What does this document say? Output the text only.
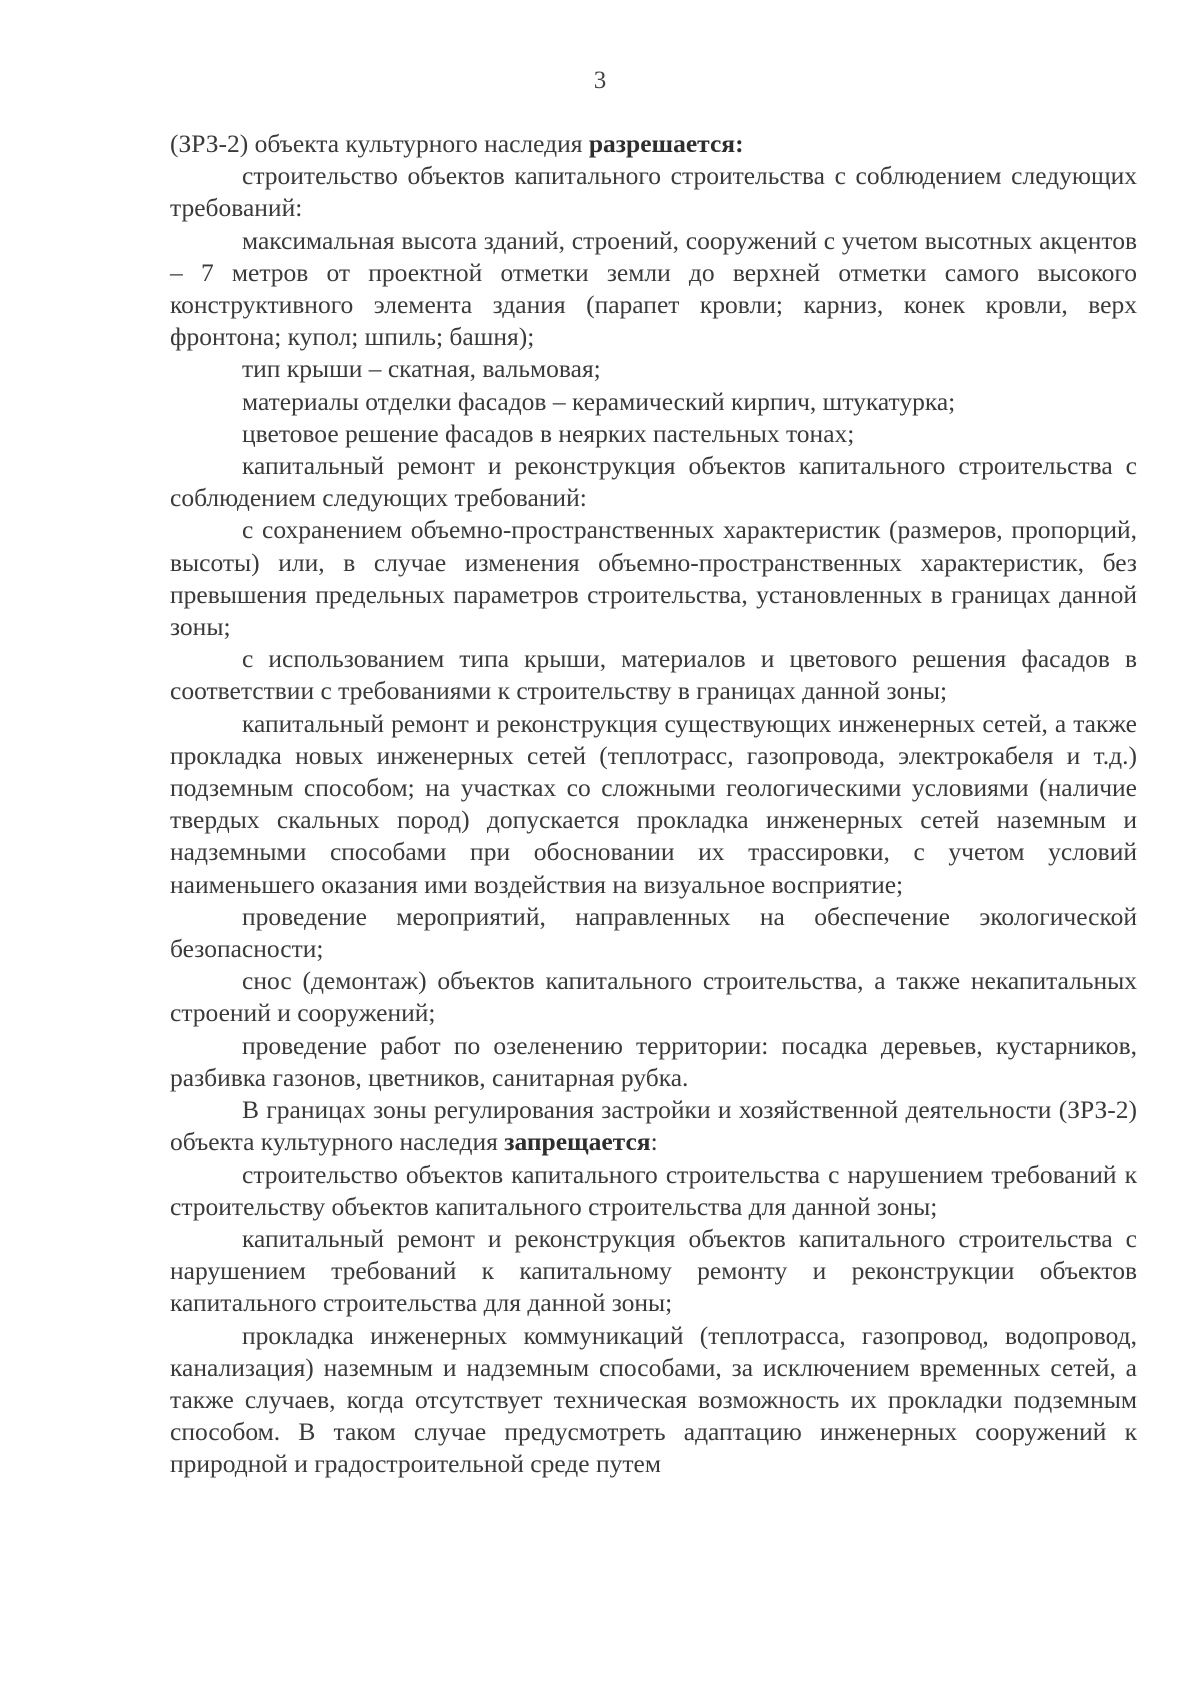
3

(ЗРЗ-2) объекта культурного наследия разрешается:

строительство объектов капитального строительства с соблюдением следующих требований:

максимальная высота зданий, строений, сооружений с учетом высотных акцентов – 7 метров от проектной отметки земли до верхней отметки самого высокого конструктивного элемента здания (парапет кровли; карниз, конек кровли, верх фронтона; купол; шпиль; башня);

тип крыши – скатная, вальмовая;

материалы отделки фасадов – керамический кирпич, штукатурка;

цветовое решение фасадов в неярких пастельных тонах;

капитальный ремонт и реконструкция объектов капитального строительства с соблюдением следующих требований:

с сохранением объемно-пространственных характеристик (размеров, пропорций, высоты) или, в случае изменения объемно-пространственных характеристик, без превышения предельных параметров строительства, установленных в границах данной зоны;

с использованием типа крыши, материалов и цветового решения фасадов в соответствии с требованиями к строительству в границах данной зоны;

капитальный ремонт и реконструкция существующих инженерных сетей, а также прокладка новых инженерных сетей (теплотрасс, газопровода, электрокабеля и т.д.) подземным способом; на участках со сложными геологическими условиями (наличие твердых скальных пород) допускается прокладка инженерных сетей наземным и надземными способами при обосновании их трассировки, с учетом условий наименьшего оказания ими воздействия на визуальное восприятие;

проведение мероприятий, направленных на обеспечение экологической безопасности;

снос (демонтаж) объектов капитального строительства, а также некапитальных строений и сооружений;

проведение работ по озеленению территории: посадка деревьев, кустарников, разбивка газонов, цветников, санитарная рубка.

В границах зоны регулирования застройки и хозяйственной деятельности (ЗРЗ-2) объекта культурного наследия запрещается:

строительство объектов капитального строительства с нарушением требований к строительству объектов капитального строительства для данной зоны;

капитальный ремонт и реконструкция объектов капитального строительства с нарушением требований к капитальному ремонту и реконструкции объектов капитального строительства для данной зоны;

прокладка инженерных коммуникаций (теплотрасса, газопровод, водопровод, канализация) наземным и надземным способами, за исключением временных сетей, а также случаев, когда отсутствует техническая возможность их прокладки подземным способом. В таком случае предусмотреть адаптацию инженерных сооружений к природной и градостроительной среде путем
